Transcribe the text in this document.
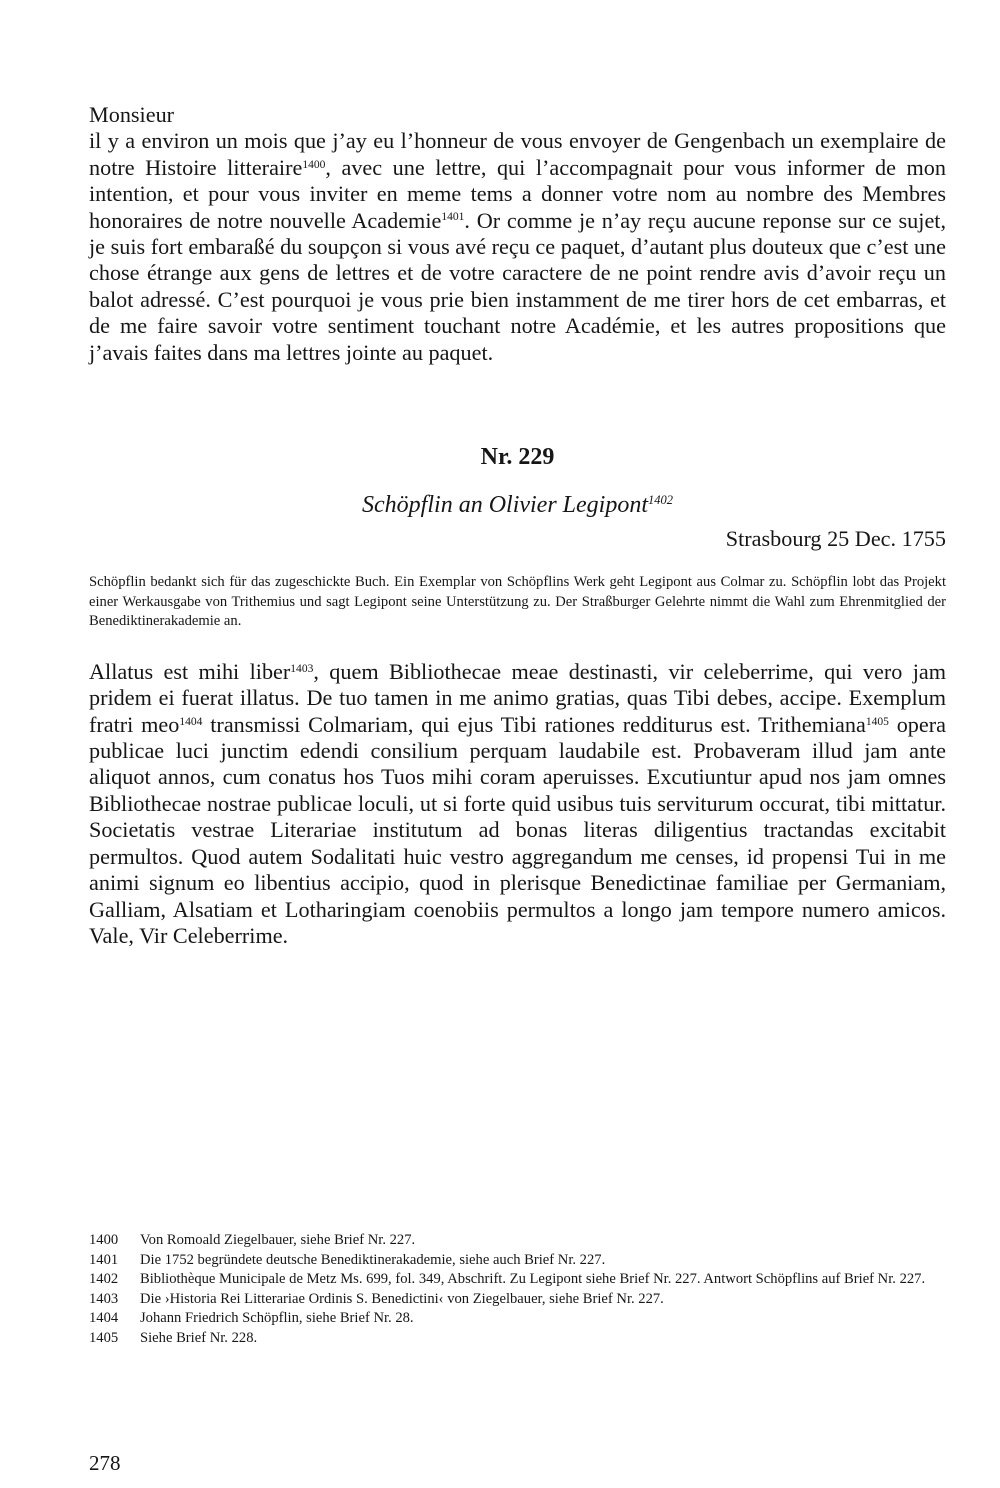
Monsieur

il y a environ un mois que j’ay eu l’honneur de vous envoyer de Gengenbach un exemplaire de notre Histoire litteraire$^{1400}$, avec une lettre, qui l’accompagnait pour vous informer de mon intention, et pour vous inviter en meme tems a donner votre nom au nombre des Membres honoraires de notre nouvelle Academie$^{1401}$. Or comme je n’ay reçu aucune reponse sur ce sujet, je suis fort embaraßé du soupçon si vous avé reçu ce paquet, d’autant plus douteux que c’est une chose étrange aux gens de lettres et de votre caractere de ne point rendre avis d’avoir reçu un balot adressé. C’est pourquoi je vous prie bien instamment de me tirer hors de cet embarras, et de me faire savoir votre sentiment touchant notre Académie, et les autres propositions que j’avais faites dans ma lettres jointe au paquet.

Nr. 229
Schöpflin an Olivier Legipont$^{1402}$
Strasbourg 25 Dec. 1755
Schöpflin bedankt sich für das zugeschickte Buch. Ein Exemplar von Schöpflins Werk geht Legipont aus Colmar zu. Schöpflin lobt das Projekt einer Werkausgabe von Trithemius und sagt Legipont seine Unterstützung zu. Der Straßburger Gelehrte nimmt die Wahl zum Ehrenmitglied der Benediktinerakademie an.

Allatus est mihi liber$^{1403}$, quem Bibliothecae meae destinasti, vir celeberrime, qui vero jam pridem ei fuerat illatus. De tuo tamen in me animo gratias, quas Tibi debes, accipe. Exemplum fratri meo$^{1404}$ transmissi Colmariam, qui ejus Tibi rationes redditurus est. Trithemiana$^{1405}$ opera publicae luci junctim edendi consilium perquam laudabile est. Probaveram illud jam ante aliquot annos, cum conatus hos Tuos mihi coram aperuisses. Excutiuntur apud nos jam omnes Bibliothecae nostrae publicae loculi, ut si forte quid usibus tuis serviturum occurat, tibi mittatur. Societatis vestrae Literariae institutum ad bonas literas diligentius tractandas excitabit permultos. Quod autem Sodalitati huic vestro aggregandum me censes, id propensi Tui in me animi signum eo libentius accipio, quod in plerisque Benedictinae familiae per Germaniam, Galliam, Alsatiam et Lotharingiam coenobiis permultos a longo jam tempore numero amicos. Vale, Vir Celeberrime.

1400	Von Romoald Ziegelbauer, siehe Brief Nr. 227.
1401	Die 1752 begründete deutsche Benediktinerakademie, siehe auch Brief Nr. 227.
1402	Bibliothèque Municipale de Metz Ms. 699, fol. 349, Abschrift. Zu Legipont siehe Brief Nr. 227. Antwort Schöpflins auf Brief Nr. 227.
1403	Die ›Historia Rei Litterariae Ordinis S. Benedictini‹ von Ziegelbauer, siehe Brief Nr. 227.
1404	Johann Friedrich Schöpflin, siehe Brief Nr. 28.
1405	Siehe Brief Nr. 228.
278
